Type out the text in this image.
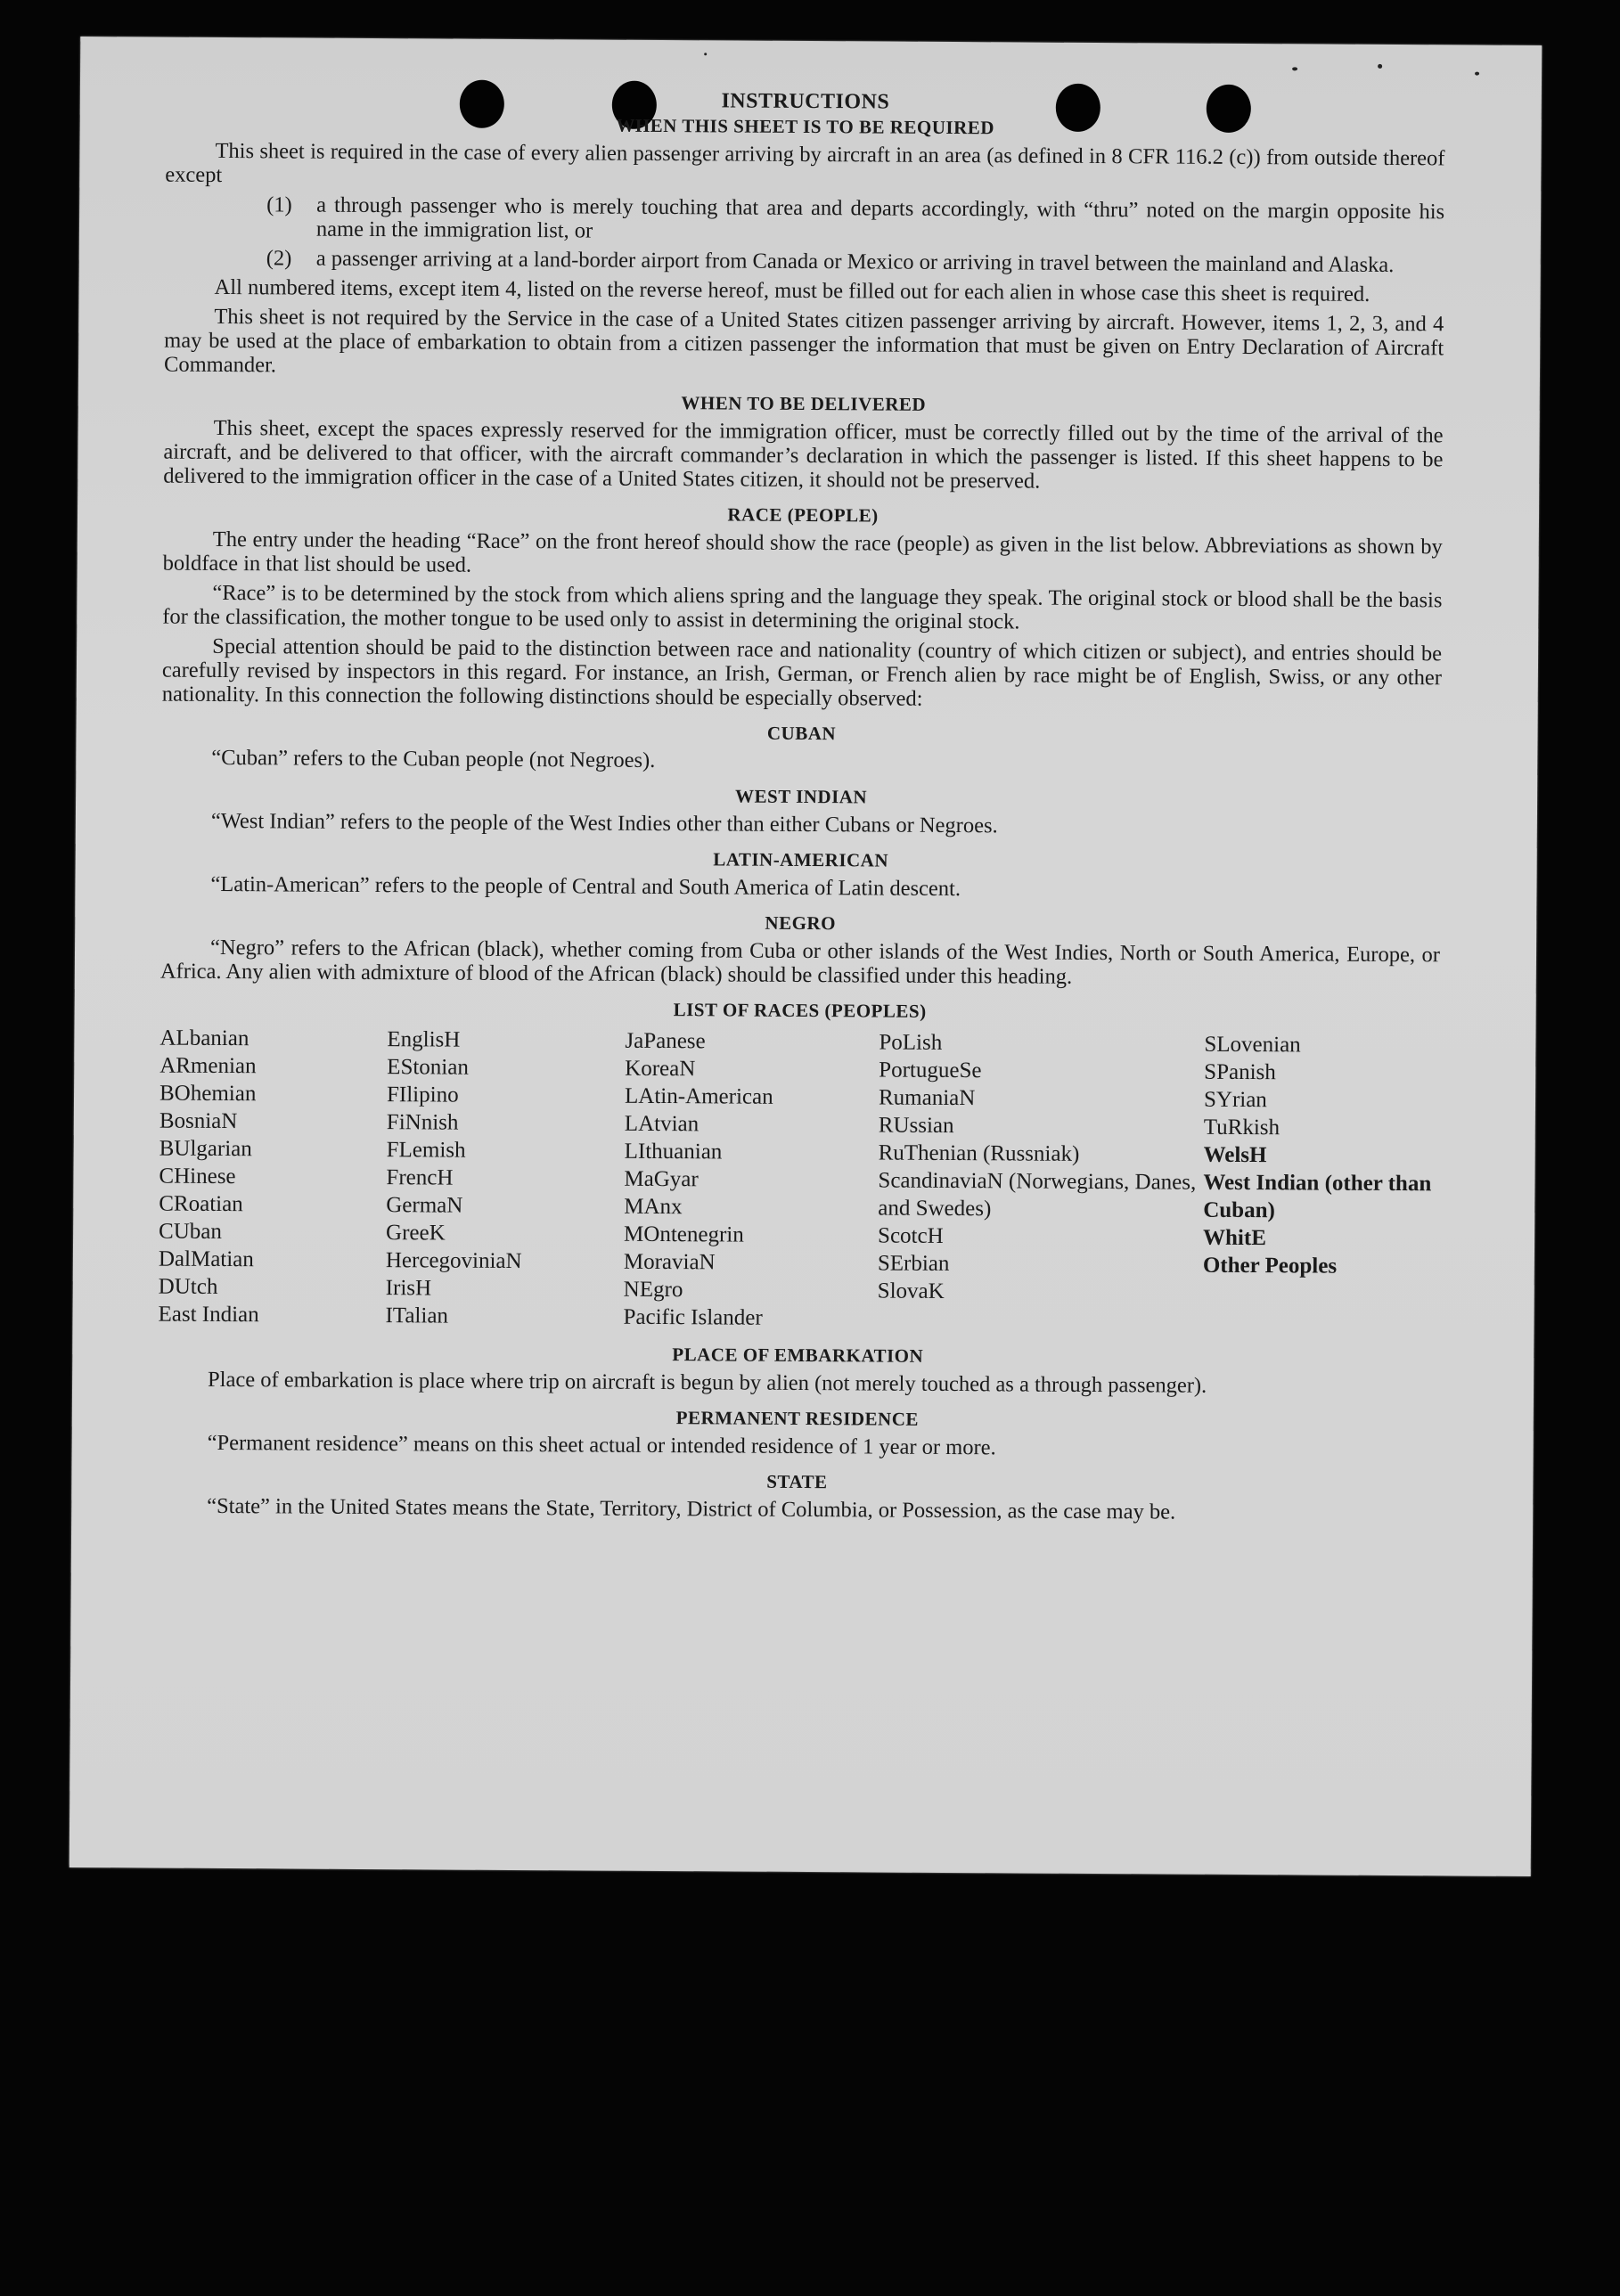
INSTRUCTIONS
WHEN THIS SHEET IS TO BE REQUIRED

This sheet is required in the case of every alien passenger arriving by aircraft in an area (as defined in 8 CFR 116.2 (c)) from outside thereof except

(1)	a through passenger who is merely touching that area and departs accordingly, with “thru” noted on the margin opposite his name in the immigration list, or
(2)	a passenger arriving at a land-border airport from Canada or Mexico or arriving in travel between the mainland and Alaska.

All numbered items, except item 4, listed on the reverse hereof, must be filled out for each alien in whose case this sheet is required.

This sheet is not required by the Service in the case of a United States citizen passenger arriving by aircraft. However, items 1, 2, 3, and 4 may be used at the place of embarkation to obtain from a citizen passenger the information that must be given on Entry Declaration of Aircraft Commander.

WHEN TO BE DELIVERED

This sheet, except the spaces expressly reserved for the immigration officer, must be correctly filled out by the time of the arrival of the aircraft, and be delivered to that officer, with the aircraft commander’s declaration in which the passenger is listed. If this sheet happens to be delivered to the immigration officer in the case of a United States citizen, it should not be preserved.

RACE (PEOPLE)

The entry under the heading “Race” on the front hereof should show the race (people) as given in the list below. Abbreviations as shown by boldface in that list should be used.

“Race” is to be determined by the stock from which aliens spring and the language they speak. The original stock or blood shall be the basis for the classification, the mother tongue to be used only to assist in determining the original stock.

Special attention should be paid to the distinction between race and nationality (country of which citizen or subject), and entries should be carefully revised by inspectors in this regard. For instance, an Irish, German, or French alien by race might be of English, Swiss, or any other nationality. In this connection the following distinctions should be especially observed:

CUBAN
“Cuban” refers to the Cuban people (not Negroes).
WEST INDIAN
“West Indian” refers to the people of the West Indies other than either Cubans or Negroes.
LATIN-AMERICAN
“Latin-American” refers to the people of Central and South America of Latin descent.
NEGRO

“Negro” refers to the African (black), whether coming from Cuba or other islands of the West Indies, North or South America, Europe, or Africa. Any alien with admixture of blood of the African (black) should be classified under this heading.

LIST OF RACES (PEOPLES)
ALbanian
ARmenian
BOhemian
BosniaN
BUlgarian
CHinese
CRoatian
CUban
DalMatian
DUtch
East Indian
EnglisH
EStonian
FIlipino
FiNnish
FLemish
FrencH
GermaN
GreeK
HercegoviniaN
IrisH
ITalian
JaPanese
KoreaN
LAtin-American
LAtvian
LIthuanian
MaGyar
MAnx
MOntenegrin
MoraviaN
NEgro
Pacific Islander
PoLish
PortugueSe
RumaniaN
RUssian
RuThenian (Russniak)
ScandinaviaN (Norwegians, Danes, and Swedes)
ScotcH
SErbian
SlovaK
SLovenian
SPanish
SYrian
TuRkish
WelsH
West Indian (other than Cuban)
WhitE
Other Peoples
PLACE OF EMBARKATION

Place of embarkation is place where trip on aircraft is begun by alien (not merely touched as a through passenger).

PERMANENT RESIDENCE
“Permanent residence” means on this sheet actual or intended residence of 1 year or more.
STATE

“State” in the United States means the State, Territory, District of Columbia, or Possession, as the case may be.
